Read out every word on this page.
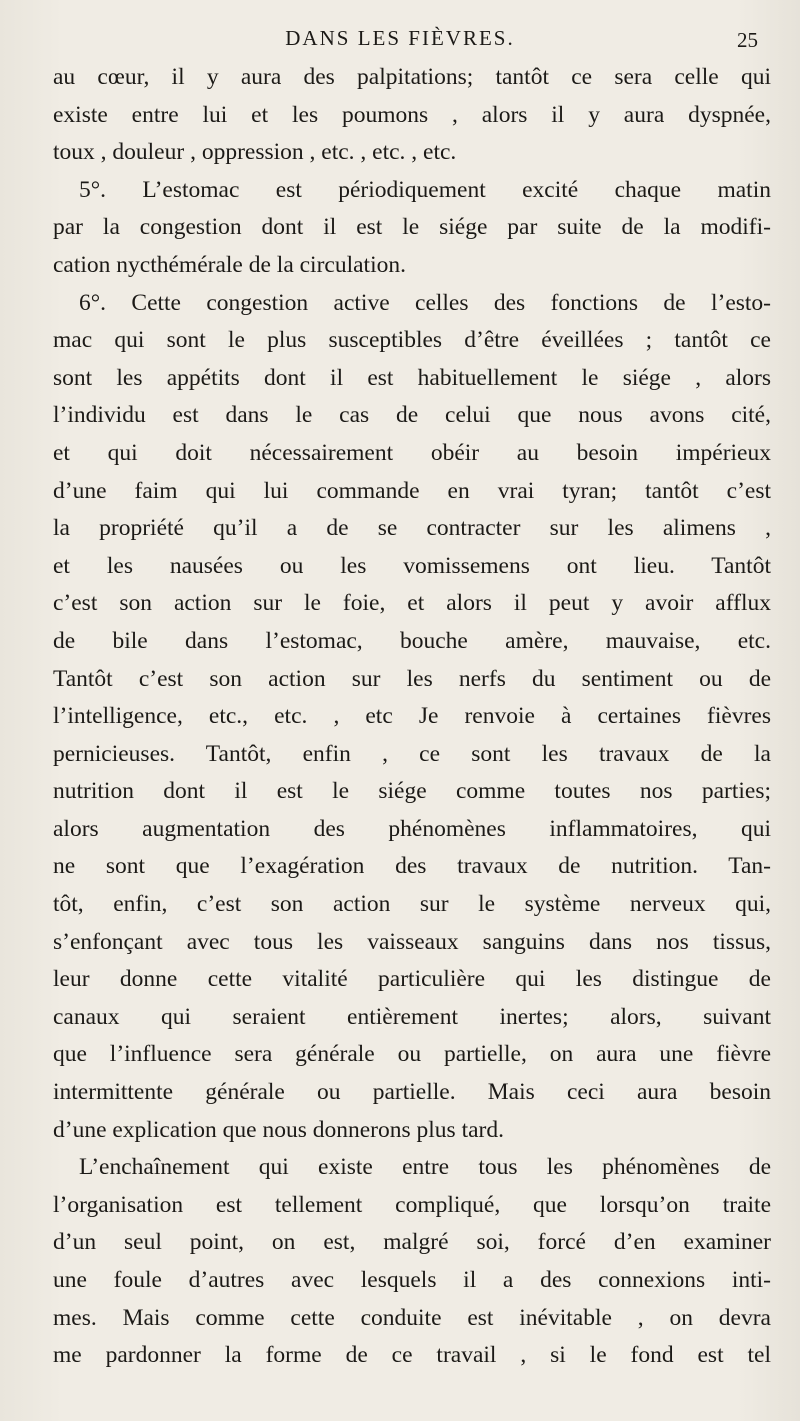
DANS LES FIÈVRES.	25
au cœur, il y aura des palpitations; tantôt ce sera celle qui
existe entre lui et les poumons , alors il y aura dyspnée,
toux , douleur , oppression , etc. , etc. , etc.
5°. L’estomac est périodiquement excité chaque matin
par la congestion dont il est le siége par suite de la modifi-
cation nycthémérale de la circulation.
6°. Cette congestion active celles des fonctions de l’esto-
mac qui sont le plus susceptibles d’être éveillées ; tantôt ce
sont les appétits dont il est habituellement le siége , alors
l’individu est dans le cas de celui que nous avons cité,
et qui doit nécessairement obéir au besoin impérieux
d’une faim qui lui commande en vrai tyran; tantôt c’est
la propriété qu’il a de se contracter sur les alimens ,
et les nausées ou les vomissemens ont lieu. Tantôt
c’est son action sur le foie, et alors il peut y avoir afflux
de bile dans l’estomac, bouche amère, mauvaise, etc.
Tantôt c’est son action sur les nerfs du sentiment ou de
l’intelligence, etc., etc. , etc Je renvoie à certaines fièvres
pernicieuses. Tantôt, enfin , ce sont les travaux de la
nutrition dont il est le siége comme toutes nos parties;
alors augmentation des phénomènes inflammatoires, qui
ne sont que l’exagération des travaux de nutrition. Tan-
tôt, enfin, c’est son action sur le système nerveux qui,
s’enfonçant avec tous les vaisseaux sanguins dans nos tissus,
leur donne cette vitalité particulière qui les distingue de
canaux qui seraient entièrement inertes; alors, suivant
que l’influence sera générale ou partielle, on aura une fièvre
intermittente générale ou partielle. Mais ceci aura besoin
d’une explication que nous donnerons plus tard.
L’enchaînement qui existe entre tous les phénomènes de
l’organisation est tellement compliqué, que lorsqu’on traite
d’un seul point, on est, malgré soi, forcé d’en examiner
une foule d’autres avec lesquels il a des connexions inti-
mes. Mais comme cette conduite est inévitable , on devra
me pardonner la forme de ce travail , si le fond est tel
